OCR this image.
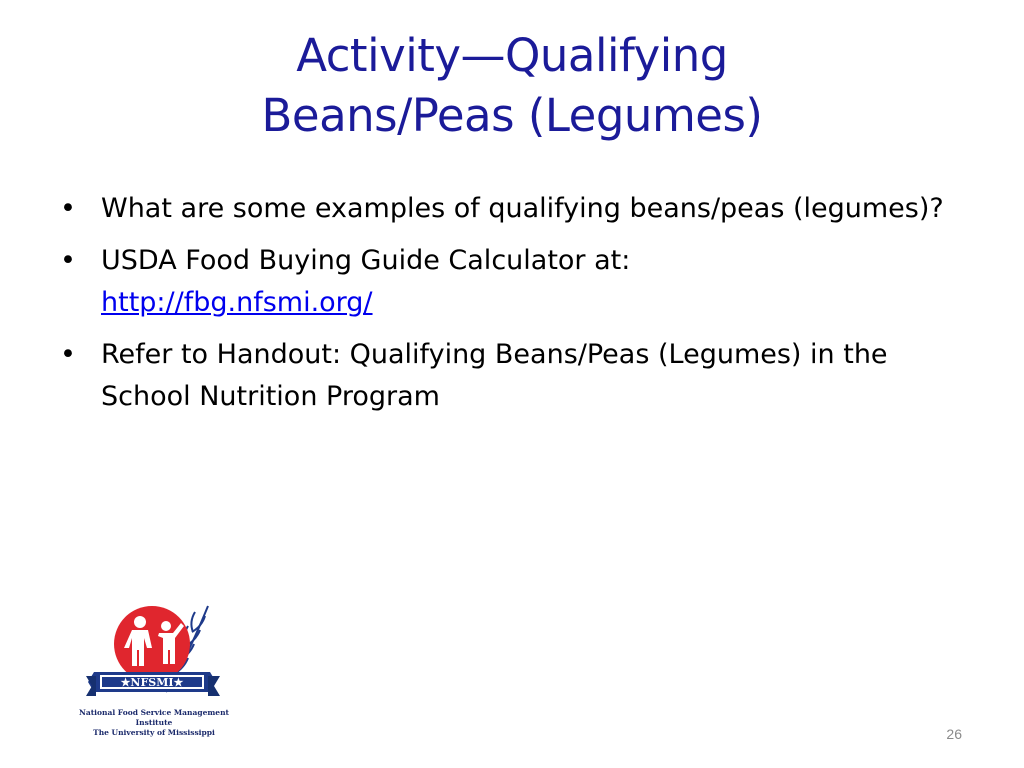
Activity—Qualifying
Beans/Peas (Legumes)
• What are some examples of qualifying beans/peas (legumes)?
• USDA Food Buying Guide Calculator at:
http://fbg.nfsmi.org/
• Refer to Handout: Qualifying Beans/Peas (Legumes) in the School Nutrition Program
★NFSMI★
National Food Service Management Institute
The University of Mississippi	26
